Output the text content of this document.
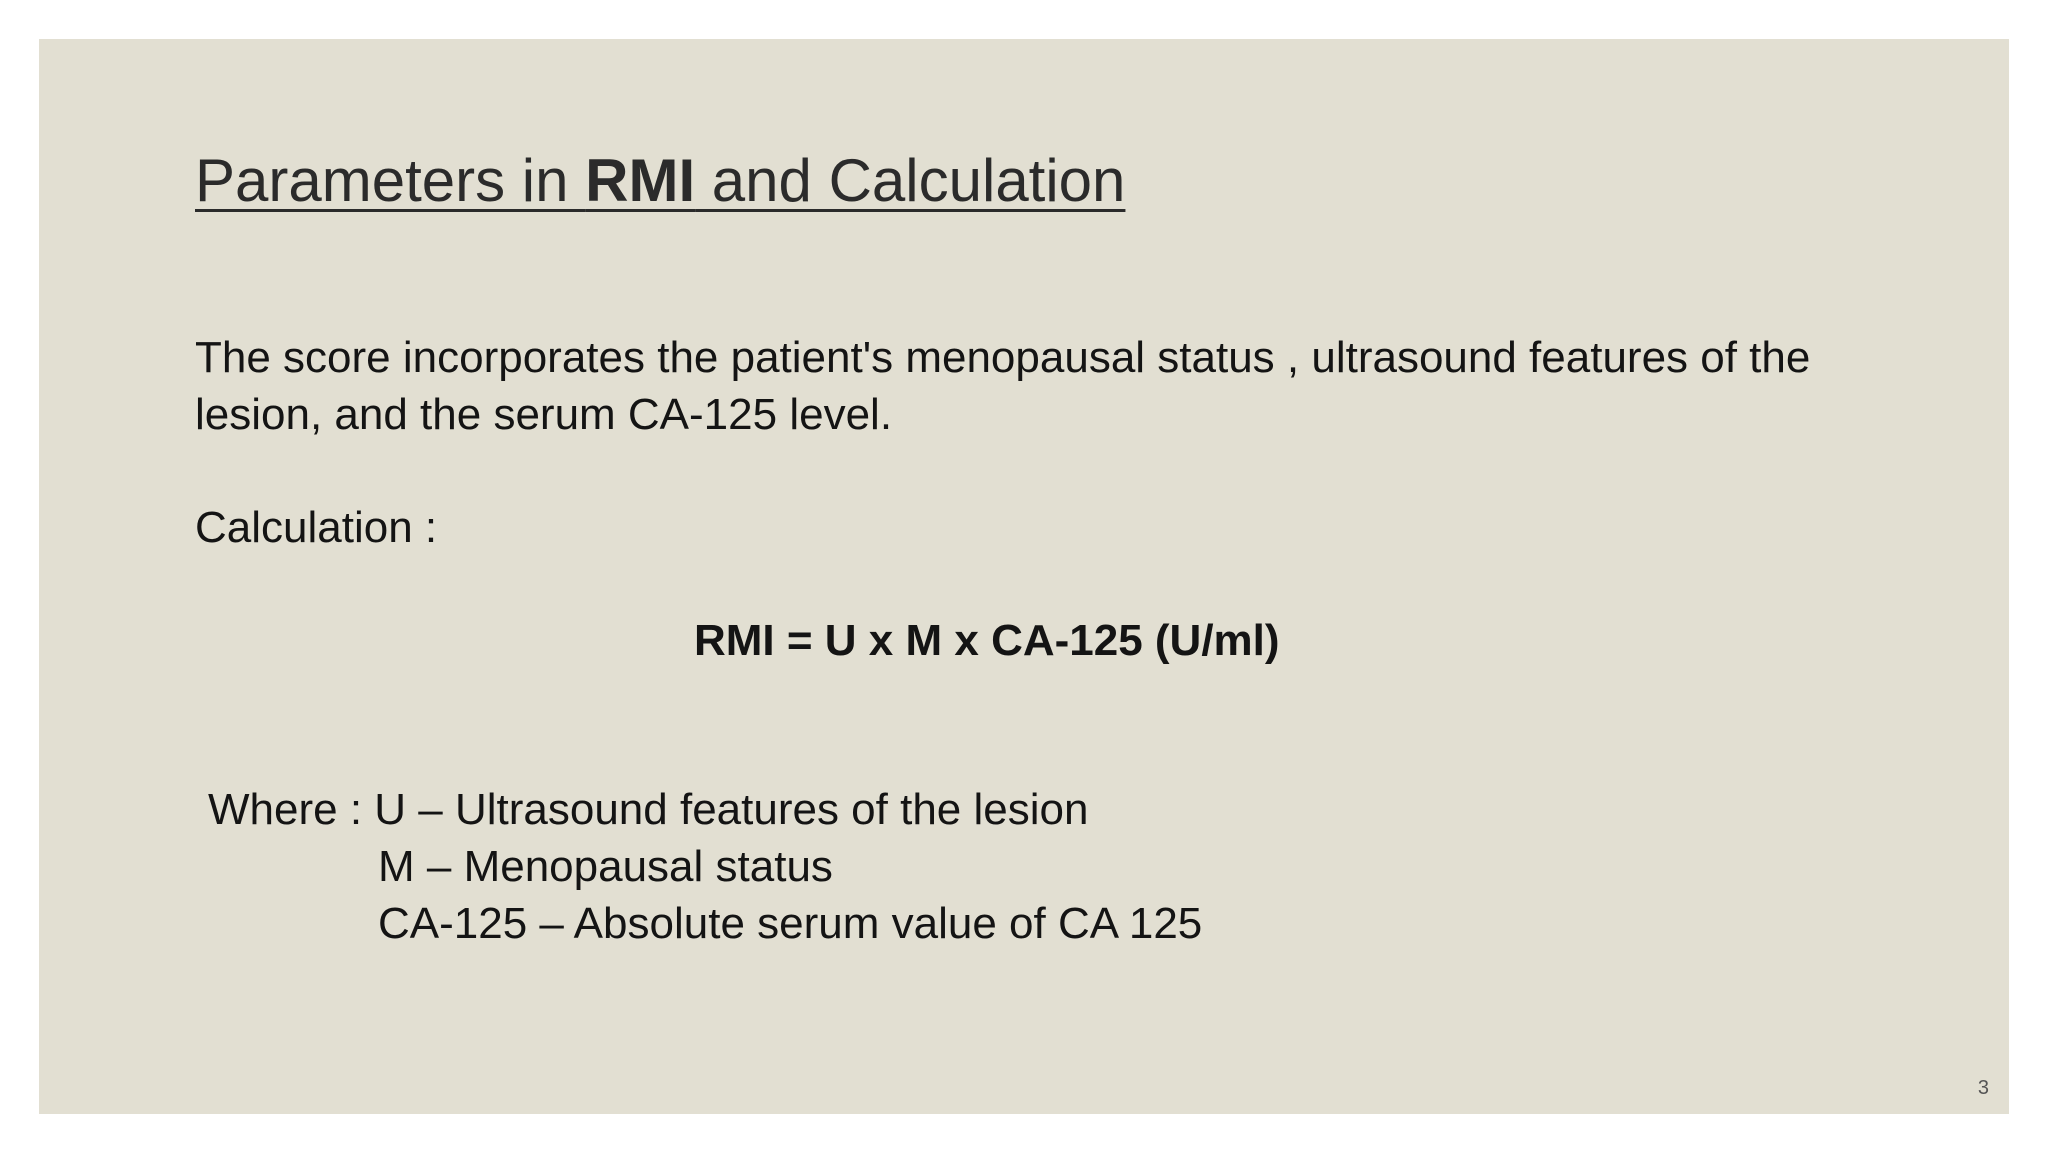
Parameters in RMI and Calculation

The score incorporates the patient's menopausal status , ultrasound features of the lesion, and the serum CA-125 level.

Calculation :

RMI = U x M x CA-125 (U/ml)

Where : U – Ultrasound features of the lesion
M – Menopausal status
CA-125 – Absolute serum value of CA 125
3
